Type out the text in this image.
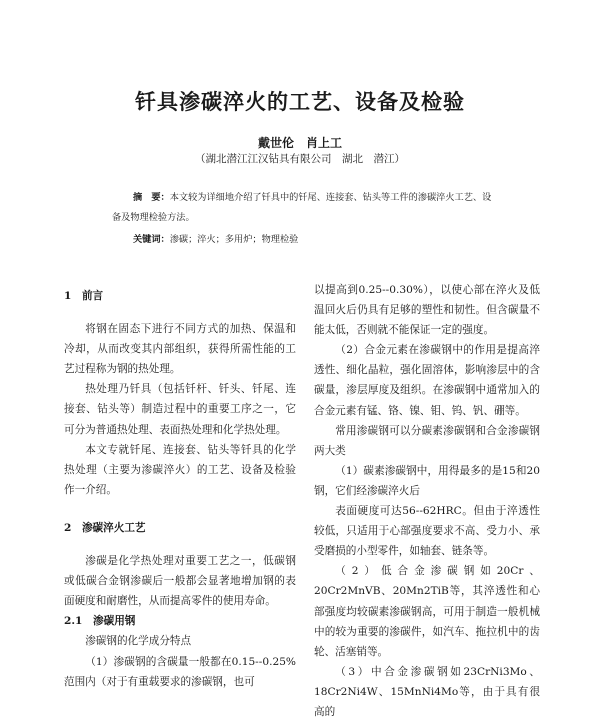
钎具渗碳淬火的工艺、设备及检验
戴世伦　肖上工
（湖北潜江江汉钻具有限公司　湖北　潜江）

摘　要：本文较为详细地介绍了钎具中的钎尾、连接套、钻头等工件的渗碳淬火工艺、设备及物理检验方法。

关键词：渗碳；淬火；多用炉；物理检验

1　前言

将钢在固态下进行不同方式的加热、保温和冷却，从而改变其内部组织，获得所需性能的工艺过程称为钢的热处理。

热处理乃钎具（包括钎杆、钎头、钎尾、连接套、钻头等）制造过程中的重要工序之一，它可分为普通热处理、表面热处理和化学热处理。

本文专就钎尾、连接套、钻头等钎具的化学热处理（主要为渗碳淬火）的工艺、设备及检验作一介绍。

2　渗碳淬火工艺

渗碳是化学热处理对重要工艺之一，低碳钢或低碳合金钢渗碳后一般都会显著地增加钢的表面硬度和耐磨性，从而提高零件的使用寿命。

2.1　渗碳用钢

渗碳钢的化学成分特点

（1）渗碳钢的含碳量一般都在0.15--0.25%范围内（对于有重载要求的渗碳钢，也可

以提高到0.25--0.30%），以使心部在淬火及低温回火后仍具有足够的塑性和韧性。但含碳量不能太低，否则就不能保证一定的强度。

（2）合金元素在渗碳钢中的作用是提高淬透性、细化晶粒，强化固溶体，影响渗层中的含碳量，渗层厚度及组织。在渗碳钢中通常加入的合金元素有锰、铬、镍、钼、钨、钒、硼等。

常用渗碳钢可以分碳素渗碳钢和合金渗碳钢两大类

（1）碳素渗碳钢中，用得最多的是15和20钢，它们经渗碳淬火后

表面硬度可达56--62HRC。但由于淬透性较低，只适用于心部强度要求不高、受力小、承受磨损的小型零件，如轴套、链条等。

（2）低合金渗碳钢如20Cr、20Cr2MnVB、20Mn2TiB等，其淬透性和心部强度均较碳素渗碳钢高，可用于制造一般机械中的较为重要的渗碳件，如汽车、拖拉机中的齿轮、活塞销等。

（3）中合金渗碳钢如23CrNi3Mo、18Cr2Ni4W、15MnNi4Mo等，由于具有很高的
